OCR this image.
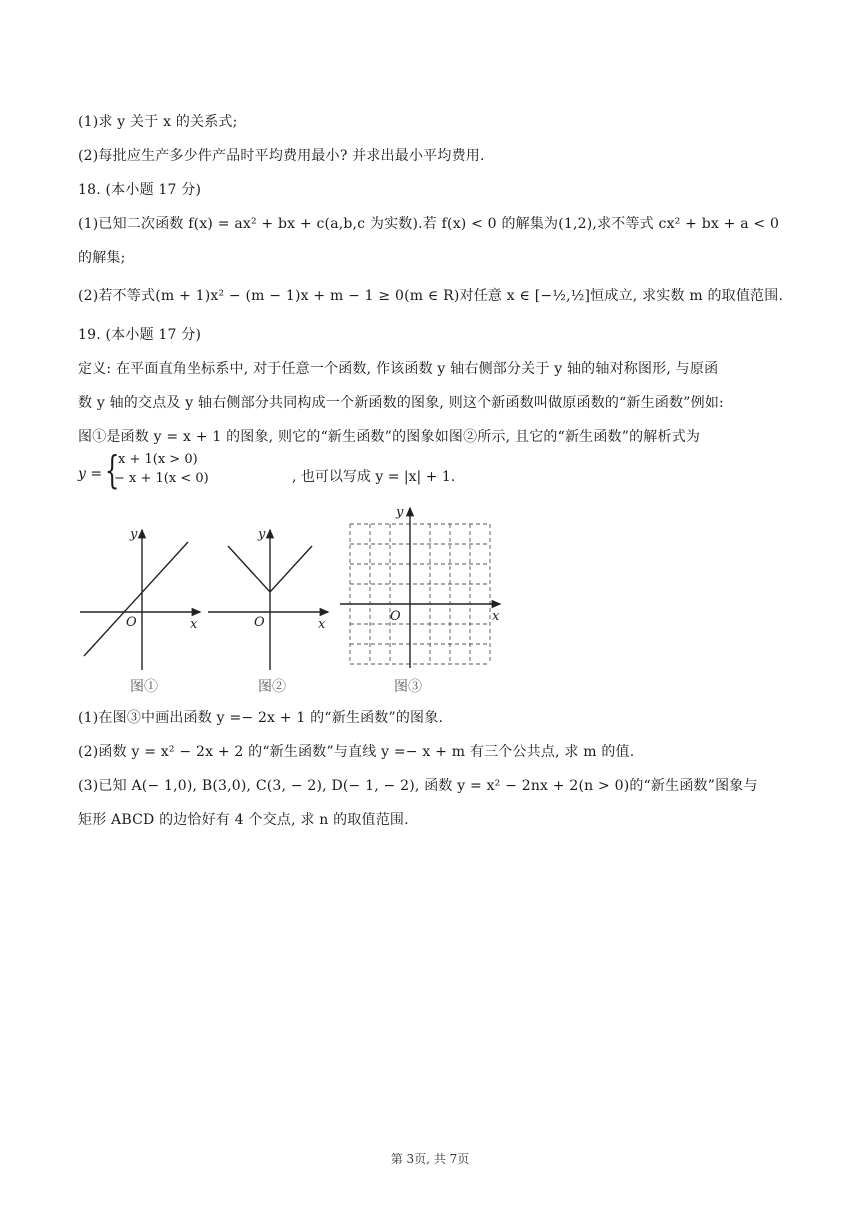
(1)求 y 关于 x 的关系式;
(2)每批应生产多少件产品时平均费用最小? 并求出最小平均费用.
18. (本小题 17 分)
(1)已知二次函数 f(x) = ax² + bx + c(a,b,c 为实数).若 f(x) < 0 的解集为(1,2),求不等式 cx² + bx + a < 0
的解集;
(2)若不等式(m + 1)x² − (m − 1)x + m − 1 ≥ 0(m ∈ R)对任意 x ∈ [−½,½]恒成立, 求实数 m 的取值范围.
19. (本小题 17 分)
定义: 在平面直角坐标系中, 对于任意一个函数, 作该函数 y 轴右侧部分关于 y 轴的轴对称图形, 与原函
数 y 轴的交点及 y 轴右侧部分共同构成一个新函数的图象, 则这个新函数叫做原函数的“新生函数”例如:
图①是函数 y = x + 1 的图象, 则它的“新生函数”的图象如图②所示, 且它的“新生函数”的解析式为
y = {
x + 1(x > 0)
− x + 1(x < 0)	, 也可以写成 y = |x| + 1.
O	x
y
O	x
y
O	x
y
图①	图②	图③
(1)在图③中画出函数 y =− 2x + 1 的“新生函数”的图象.
(2)函数 y = x² − 2x + 2 的“新生函数”与直线 y =− x + m 有三个公共点, 求 m 的值.
(3)已知 A(− 1,0), B(3,0), C(3, − 2), D(− 1, − 2), 函数 y = x² − 2nx + 2(n > 0)的“新生函数”图象与
矩形 ABCD 的边恰好有 4 个交点, 求 n 的取值范围.
第 3页, 共 7页
